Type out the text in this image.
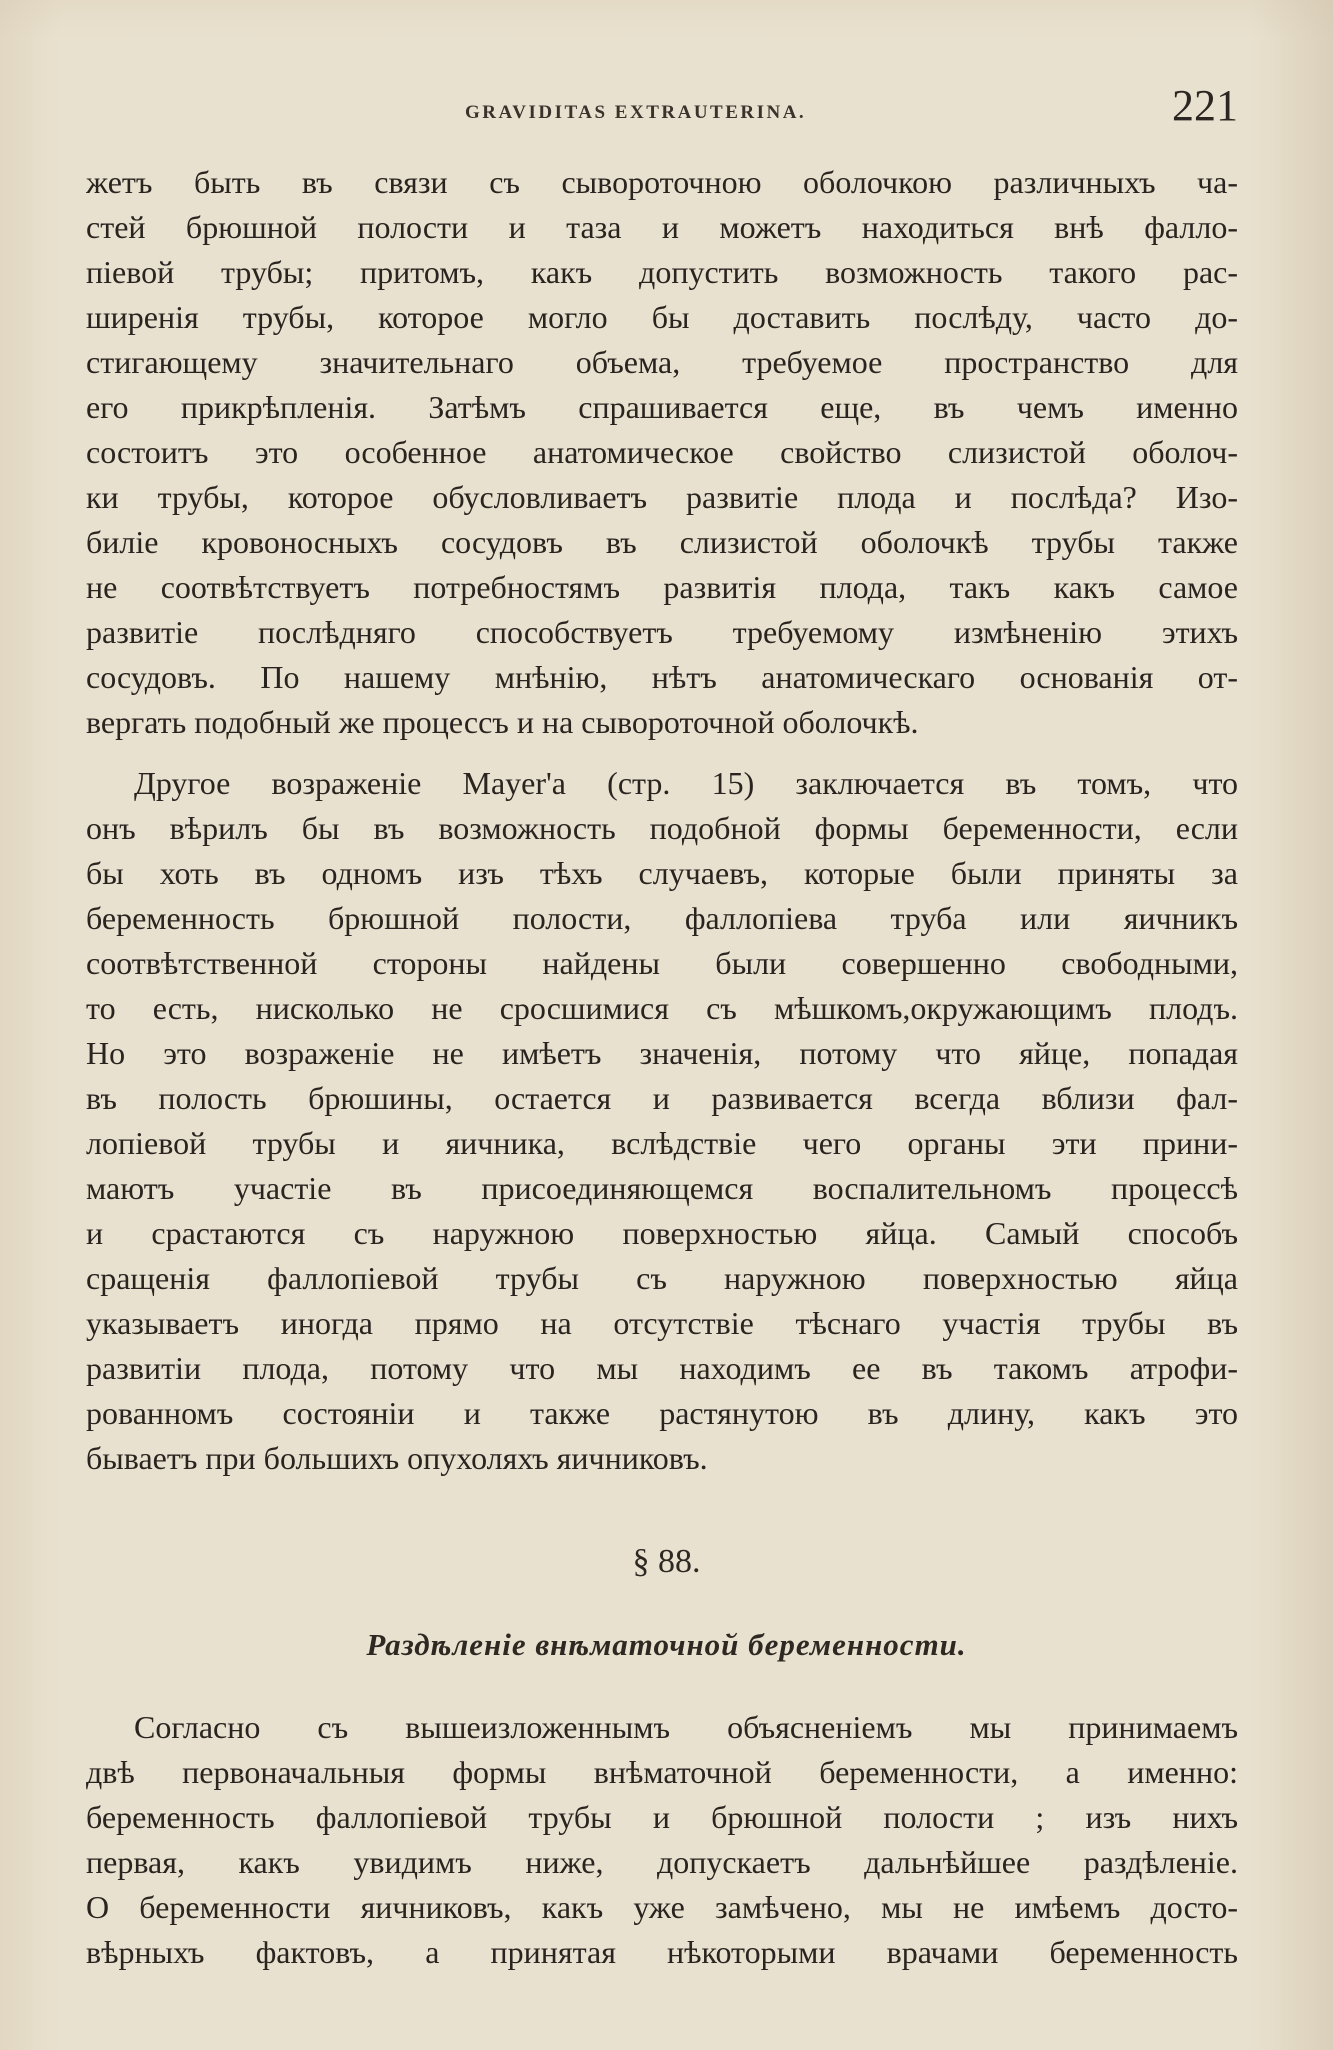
GRAVIDITAS EXTRAUTERINA.	221
жетъ быть въ связи съ сывороточною оболочкою различныхъ ча-
стей брюшной полости и таза и можетъ находиться внѣ фалло-
піевой трубы; притомъ, какъ допустить возможность такого рас-
ширенія трубы, которое могло бы доставить послѣду, часто до-
стигающему значительнаго объема, требуемое пространство для
его прикрѣпленія. Затѣмъ спрашивается еще, въ чемъ именно
состоитъ это особенное анатомическое свойство слизистой оболоч-
ки трубы, которое обусловливаетъ развитіе плода и послѣда? Изо-
биліе кровоносныхъ сосудовъ въ слизистой оболочкѣ трубы также
не соотвѣтствуетъ потребностямъ развитія плода, такъ какъ самое
развитіе послѣдняго способствуетъ требуемому измѣненію этихъ
сосудовъ. По нашему мнѣнію, нѣтъ анатомическаго основанія от-
вергать подобный же процессъ и на сывороточной оболочкѣ.
Другое возраженіе Mayer'a (стр. 15) заключается въ томъ, что
онъ вѣрилъ бы въ возможность подобной формы беременности, если
бы хоть въ одномъ изъ тѣхъ случаевъ, которые были приняты за
беременность брюшной полости, фаллопіева труба или яичникъ
соотвѣтственной стороны найдены были совершенно свободными,
то есть, нисколько не сросшимися съ мѣшкомъ,окружающимъ плодъ.
Но это возраженіе не имѣетъ значенія, потому что яйце, попадая
въ полость брюшины, остается и развивается всегда вблизи фал-
лопіевой трубы и яичника, вслѣдствіе чего органы эти прини-
маютъ участіе въ присоединяющемся воспалительномъ процессѣ
и срастаются съ наружною поверхностью яйца. Самый способъ
сращенія фаллопіевой трубы съ наружною поверхностью яйца
указываетъ иногда прямо на отсутствіе тѣснаго участія трубы въ
развитіи плода, потому что мы находимъ ее въ такомъ атрофи-
рованномъ состояніи и также растянутою въ длину, какъ это
бываетъ при большихъ опухоляхъ яичниковъ.
§ 88.
Раздѣленіе внѣматочной беременности.
Согласно съ вышеизложеннымъ объясненіемъ мы принимаемъ
двѣ первоначальныя формы внѣматочной беременности, а именно:
беременность фаллопіевой трубы и брюшной полости ; изъ нихъ
первая, какъ увидимъ ниже, допускаетъ дальнѣйшее раздѣленіе.
О беременности яичниковъ, какъ уже замѣчено, мы не имѣемъ досто-
вѣрныхъ фактовъ, а принятая нѣкоторыми врачами беременность
